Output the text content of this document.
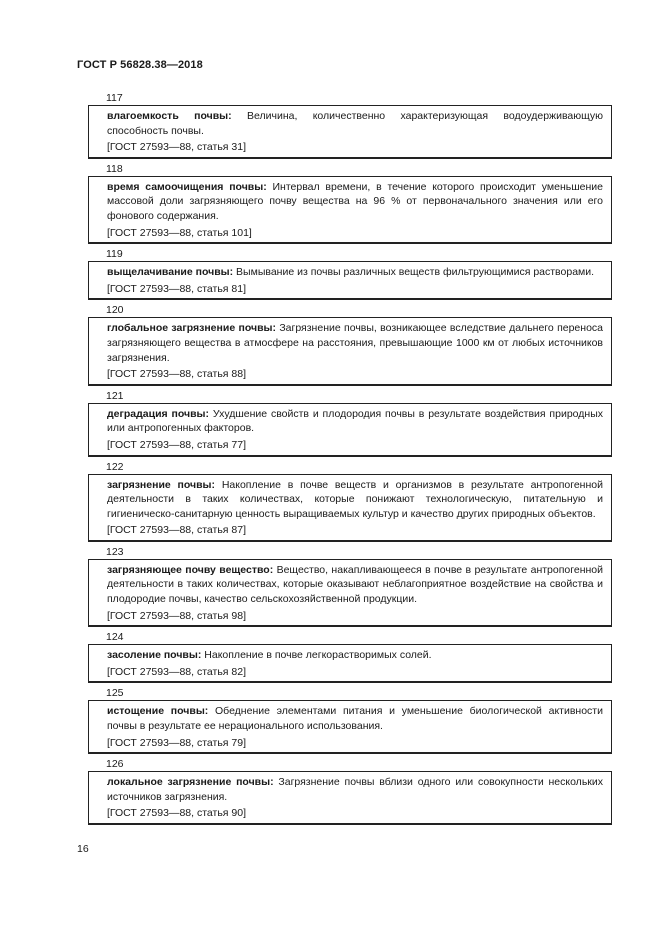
ГОСТ Р 56828.38—2018
117

влагоемкость почвы: Величина, количественно характеризующая водоудерживающую способность почвы.

[ГОСТ 27593—88, статья 31]

118

время самоочищения почвы: Интервал времени, в течение которого происходит уменьшение массовой доли загрязняющего почву вещества на 96 % от первоначального значения или его фонового содержания.

[ГОСТ 27593—88, статья 101]

119

выщелачивание почвы: Вымывание из почвы различных веществ фильтрующимися растворами.

[ГОСТ 27593—88, статья 81]

120

глобальное загрязнение почвы: Загрязнение почвы, возникающее вследствие дальнего переноса загрязняющего вещества в атмосфере на расстояния, превышающие 1000 км от любых источников загрязнения.

[ГОСТ 27593—88, статья 88]

121

деградация почвы: Ухудшение свойств и плодородия почвы в результате воздействия природных или антропогенных факторов.

[ГОСТ 27593—88, статья 77]

122

загрязнение почвы: Накопление в почве веществ и организмов в результате антропогенной деятельности в таких количествах, которые понижают технологическую, питательную и гигиеническо-санитарную ценность выращиваемых культур и качество других природных объектов.

[ГОСТ 27593—88, статья 87]

123

загрязняющее почву вещество: Вещество, накапливающееся в почве в результате антропогенной деятельности в таких количествах, которые оказывают неблагоприятное воздействие на свойства и плодородие почвы, качество сельскохозяйственной продукции.

[ГОСТ 27593—88, статья 98]

124

засоление почвы: Накопление в почве легкорастворимых солей.

[ГОСТ 27593—88, статья 82]

125

истощение почвы: Обеднение элементами питания и уменьшение биологической активности почвы в результате ее нерационального использования.

[ГОСТ 27593—88, статья 79]

126

локальное загрязнение почвы: Загрязнение почвы вблизи одного или совокупности нескольких источников загрязнения.

[ГОСТ 27593—88, статья 90]

16
